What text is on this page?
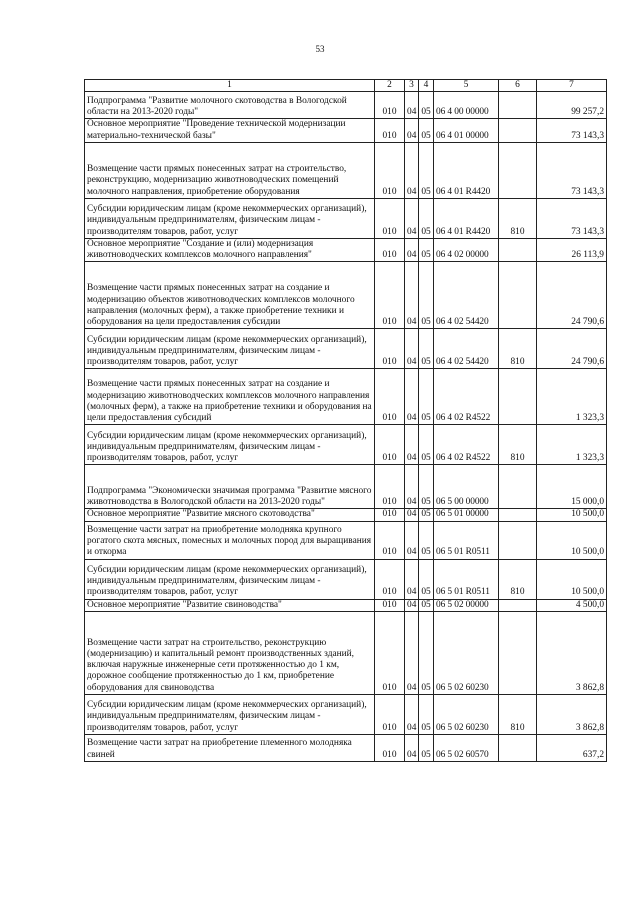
53
1	2	3	4	5	6	7
Подпрограмма "Развитие молочного скотоводства в Вологодской области на 2013-2020 годы"	010	04	05	06 4 00 00000		99 257,2
Основное мероприятие "Проведение технической модернизации материально-технической базы"	010	04	05	06 4 01 00000		73 143,3
Возмещение части прямых понесенных затрат на строительство, реконструкцию, модернизацию животноводческих помещений молочного направления, приобретение оборудования	010	04	05	06 4 01 R4420		73 143,3
Субсидии юридическим лицам (кроме некоммерческих организаций), индивидуальным предпринимателям, физическим лицам - производителям товаров, работ, услуг	010	04	05	06 4 01 R4420	810	73 143,3
Основное мероприятие "Создание и (или) модернизация животноводческих комплексов молочного направления"	010	04	05	06 4 02 00000		26 113,9
Возмещение части прямых понесенных затрат на создание и модернизацию объектов животноводческих комплексов молочного направления (молочных ферм), а также приобретение техники и оборудования на цели предоставления субсидии	010	04	05	06 4 02 54420		24 790,6
Субсидии юридическим лицам (кроме некоммерческих организаций), индивидуальным предпринимателям, физическим лицам - производителям товаров, работ, услуг	010	04	05	06 4 02 54420	810	24 790,6
Возмещение части прямых понесенных затрат на создание и модернизацию животноводческих комплексов молочного направления (молочных ферм), а также на приобретение техники и оборудования на цели предоставления субсидий	010	04	05	06 4 02 R4522		1 323,3
Субсидии юридическим лицам (кроме некоммерческих организаций), индивидуальным предпринимателям, физическим лицам - производителям товаров, работ, услуг	010	04	05	06 4 02 R4522	810	1 323,3
Подпрограмма "Экономически значимая программа "Развитие мясного животноводства в Вологодской области на 2013-2020 годы"	010	04	05	06 5 00 00000		15 000,0
Основное мероприятие "Развитие мясного скотоводства"	010	04	05	06 5 01 00000		10 500,0
Возмещение части затрат на приобретение молодняка крупного рогатого скота мясных, помесных и молочных пород для выращивания и откорма	010	04	05	06 5 01 R0511		10 500,0
Субсидии юридическим лицам (кроме некоммерческих организаций), индивидуальным предпринимателям, физическим лицам - производителям товаров, работ, услуг	010	04	05	06 5 01 R0511	810	10 500,0
Основное мероприятие "Развитие свиноводства"	010	04	05	06 5 02 00000		4 500,0
Возмещение части затрат на строительство, реконструкцию (модернизацию) и капитальный ремонт производственных зданий, включая наружные инженерные сети протяженностью до 1 км, дорожное сообщение протяженностью до 1 км, приобретение оборудования для свиноводства	010	04	05	06 5 02 60230		3 862,8
Субсидии юридическим лицам (кроме некоммерческих организаций), индивидуальным предпринимателям, физическим лицам - производителям товаров, работ, услуг	010	04	05	06 5 02 60230	810	3 862,8
Возмещение части затрат на приобретение племенного молодняка свиней	010	04	05	06 5 02 60570		637,2
